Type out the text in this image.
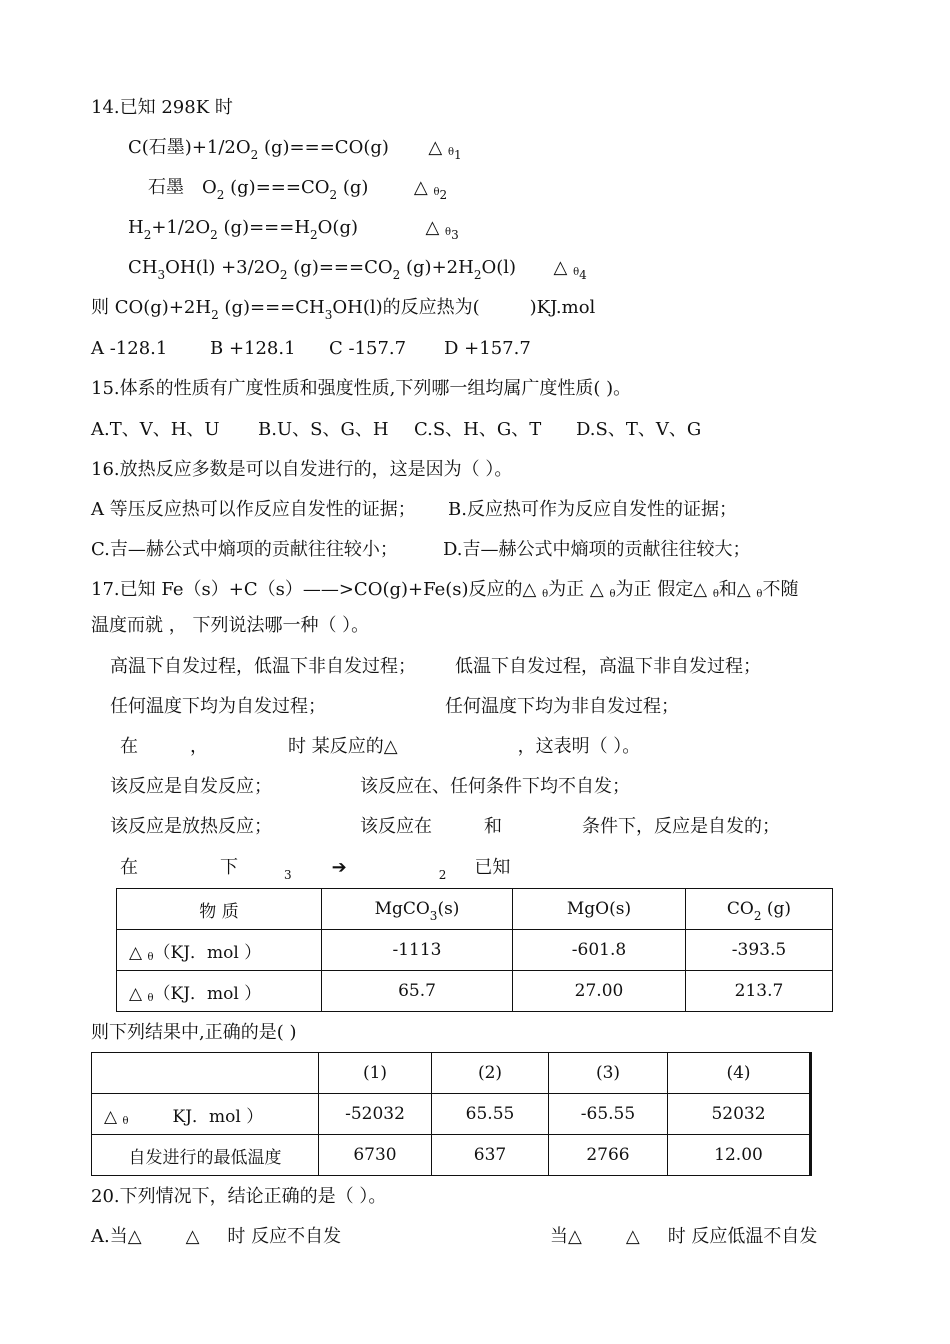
14.已知 298K 时
C(石墨)$+1/2O_2$ (g)===CO(g) △ $\theta_1$
石墨 $O_2$ $(g)===CO_2$ (g)	△ $\theta_2$
$H_2+1/2O_2$ $(g)===H_2O(g)$	△ $\theta_3$
$CH_3OH(l) +3/2O_2$ $(g)===CO_2$ $(g)+2H_2O(l)$ △ $\theta_4$
则 $CO(g)+2H_2$ $(g)===CH_3OH(l)$的反应热为(	)KJ.mol
A -128.1 B +128.1 C -157.7 D +157.7
15.体系的性质有广度性质和强度性质,下列哪一组均属广度性质( )。
A.T、V、H、U B.U、S、G、H C.S、H、G、T D.S、T、V、G
16.放热反应多数是可以自发进行的，这是因为（ ）。
A 等压反应热可以作反应自发性的证据； B.反应热可作为反应自发性的证据；
C.吉—赫公式中熵项的贡献往往较小；	D.吉—赫公式中熵项的贡献往往较大；
17.已知 Fe（s）+C（s）——>CO(g)+Fe(s)反应的△ θ为正 △ θ为正 假定△ θ和△ θ不随
温度而就 ， 下列说法哪一种（ ）。
高温下自发过程，低温下非自发过程； 低温下自发过程，高温下非自发过程；
任何温度下均为自发过程；	任何温度下均为非自发过程；
在	，	时 某反应的△	，这表明（ ）。
该反应是自发反应；	该反应在、任何条件下均不自发；
该反应是放热反应；	该反应在	和	条件下，反应是自发的；
在	下	$_3$ ➔	$_2$ 已知
物 质	MgCO$_3$(s)	MgO(s)	$CO_2$ (g)
△ θ（KJ．mol ）	-1113	-601.8	-393.5
△ θ（KJ．mol ）	65.7	27.00	213.7
则下列结果中,正确的是( )
	(1)	(2)	(3)	(4)
△ θ KJ．mol ）	-52032	65.55	-65.55	52032
自发进行的最低温度	6730	637	2766	12.00
20.下列情况下，结论正确的是（ ）。
A.当△ △ 时 反应不自发	当△ △ 时 反应低温不自发
